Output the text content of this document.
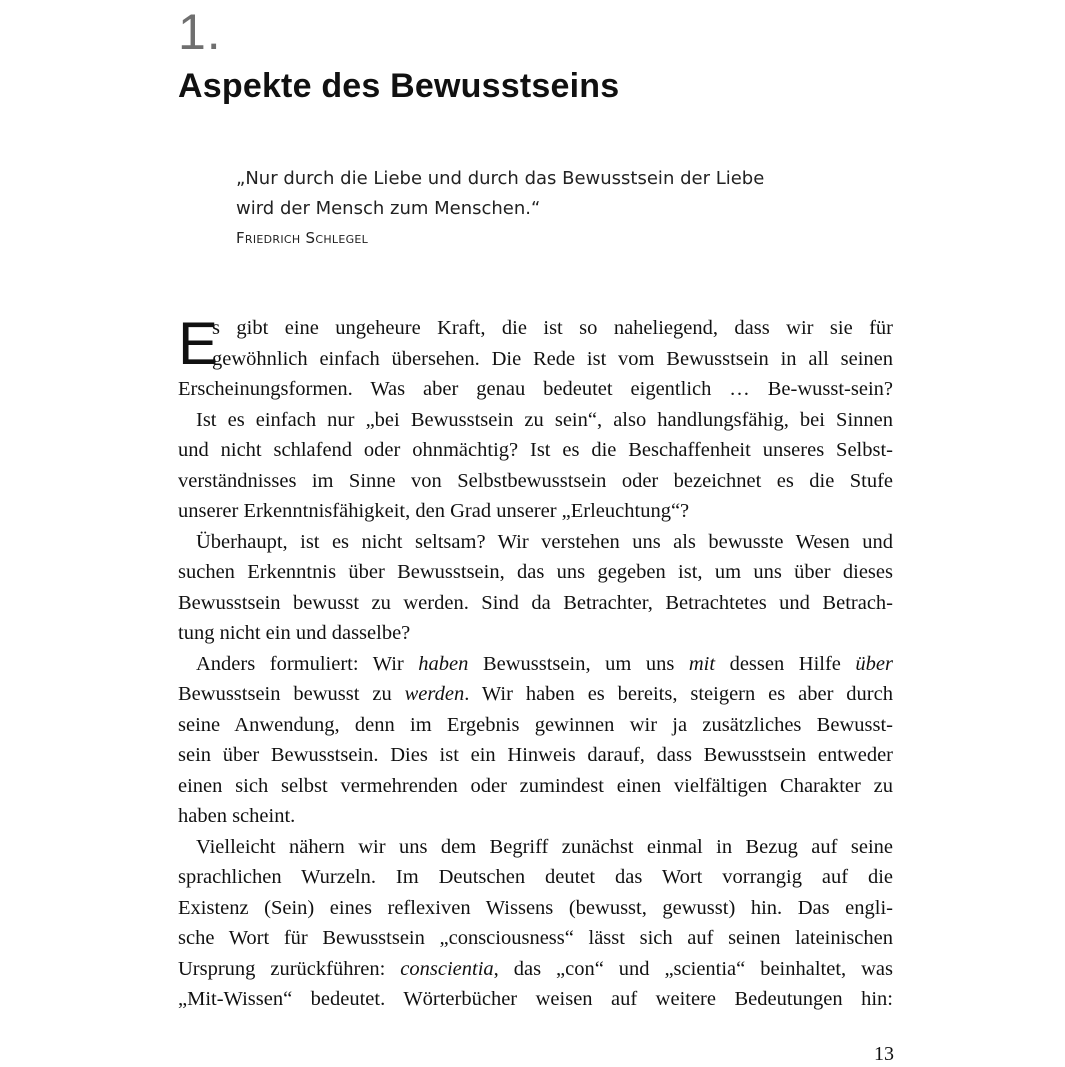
1.
Aspekte des Bewusstseins
„Nur durch die Liebe und durch das Bewusstsein der Liebe
wird der Mensch zum Menschen.“
Friedrich Schlegel
E
s gibt eine ungeheure Kraft, die ist so naheliegend, dass wir sie für
gewöhnlich einfach übersehen. Die Rede ist vom Bewusstsein in all seinen
Erscheinungsformen. Was aber genau bedeutet eigentlich … Be-wusst-sein?
Ist es einfach nur „bei Bewusstsein zu sein“, also handlungsfähig, bei Sinnen
und nicht schlafend oder ohnmächtig? Ist es die Beschaffenheit unseres Selbst-
verständnisses im Sinne von Selbstbewusstsein oder bezeichnet es die Stufe
unserer Erkenntnisfähigkeit, den Grad unserer „Erleuchtung“?
Überhaupt, ist es nicht seltsam? Wir verstehen uns als bewusste Wesen und
suchen Erkenntnis über Bewusstsein, das uns gegeben ist, um uns über dieses
Bewusstsein bewusst zu werden. Sind da Betrachter, Betrachtetes und Betrach-
tung nicht ein und dasselbe?
Anders formuliert: Wir haben Bewusstsein, um uns mit dessen Hilfe über
Bewusstsein bewusst zu werden. Wir haben es bereits, steigern es aber durch
seine Anwendung, denn im Ergebnis gewinnen wir ja zusätzliches Bewusst-
sein über Bewusstsein. Dies ist ein Hinweis darauf, dass Bewusstsein entweder
einen sich selbst vermehrenden oder zumindest einen vielfältigen Charakter zu
haben scheint.
Vielleicht nähern wir uns dem Begriff zunächst einmal in Bezug auf seine
sprachlichen Wurzeln. Im Deutschen deutet das Wort vorrangig auf die
Existenz (Sein) eines reflexiven Wissens (bewusst, gewusst) hin. Das engli-
sche Wort für Bewusstsein „consciousness“ lässt sich auf seinen lateinischen
Ursprung zurückführen: conscientia, das „con“ und „scientia“ beinhaltet, was
„Mit-Wissen“ bedeutet. Wörterbücher weisen auf weitere Bedeutungen hin:
13
